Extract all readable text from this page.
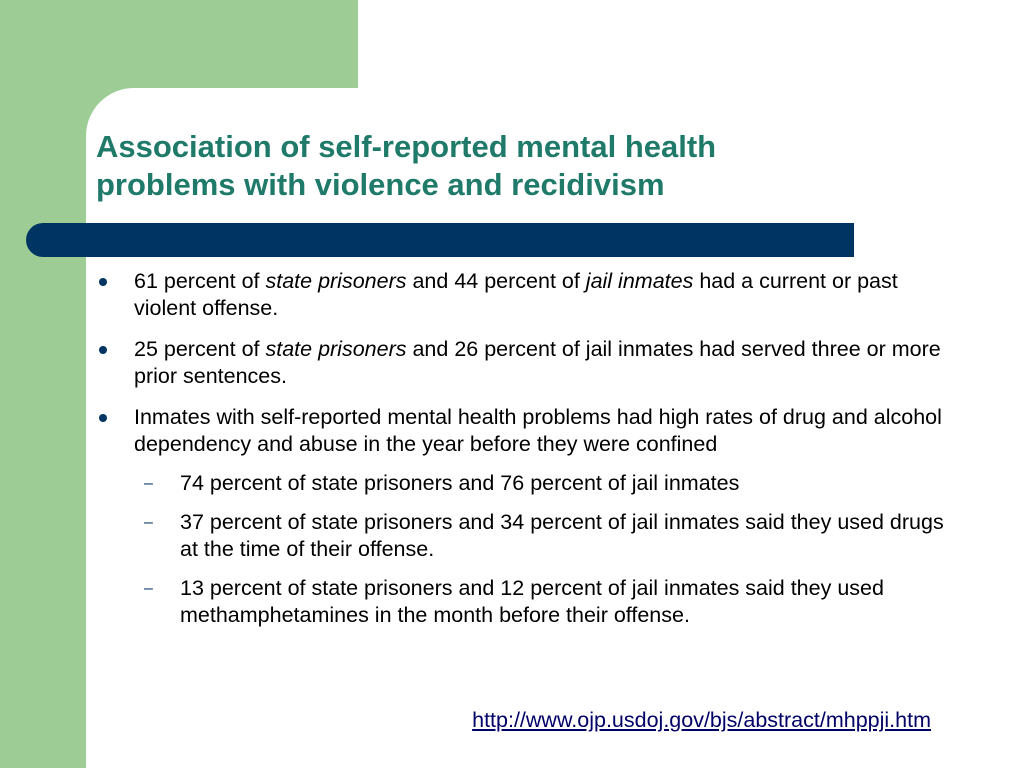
Association of self-reported mental health
problems with violence and recidivism
61 percent of state prisoners and 44 percent of jail inmates had a current or past violent offense.
25 percent of state prisoners and 26 percent of jail inmates had served three or more prior sentences.
Inmates with self-reported mental health problems had high rates of drug and alcohol dependency and abuse in the year before they were confined
– 74 percent of state prisoners and 76 percent of jail inmates
– 37 percent of state prisoners and 34 percent of jail inmates said they used drugs at the time of their offense.
– 13 percent of state prisoners and 12 percent of jail inmates said they used methamphetamines in the month before their offense.
http://www.ojp.usdoj.gov/bjs/abstract/mhppji.htm
